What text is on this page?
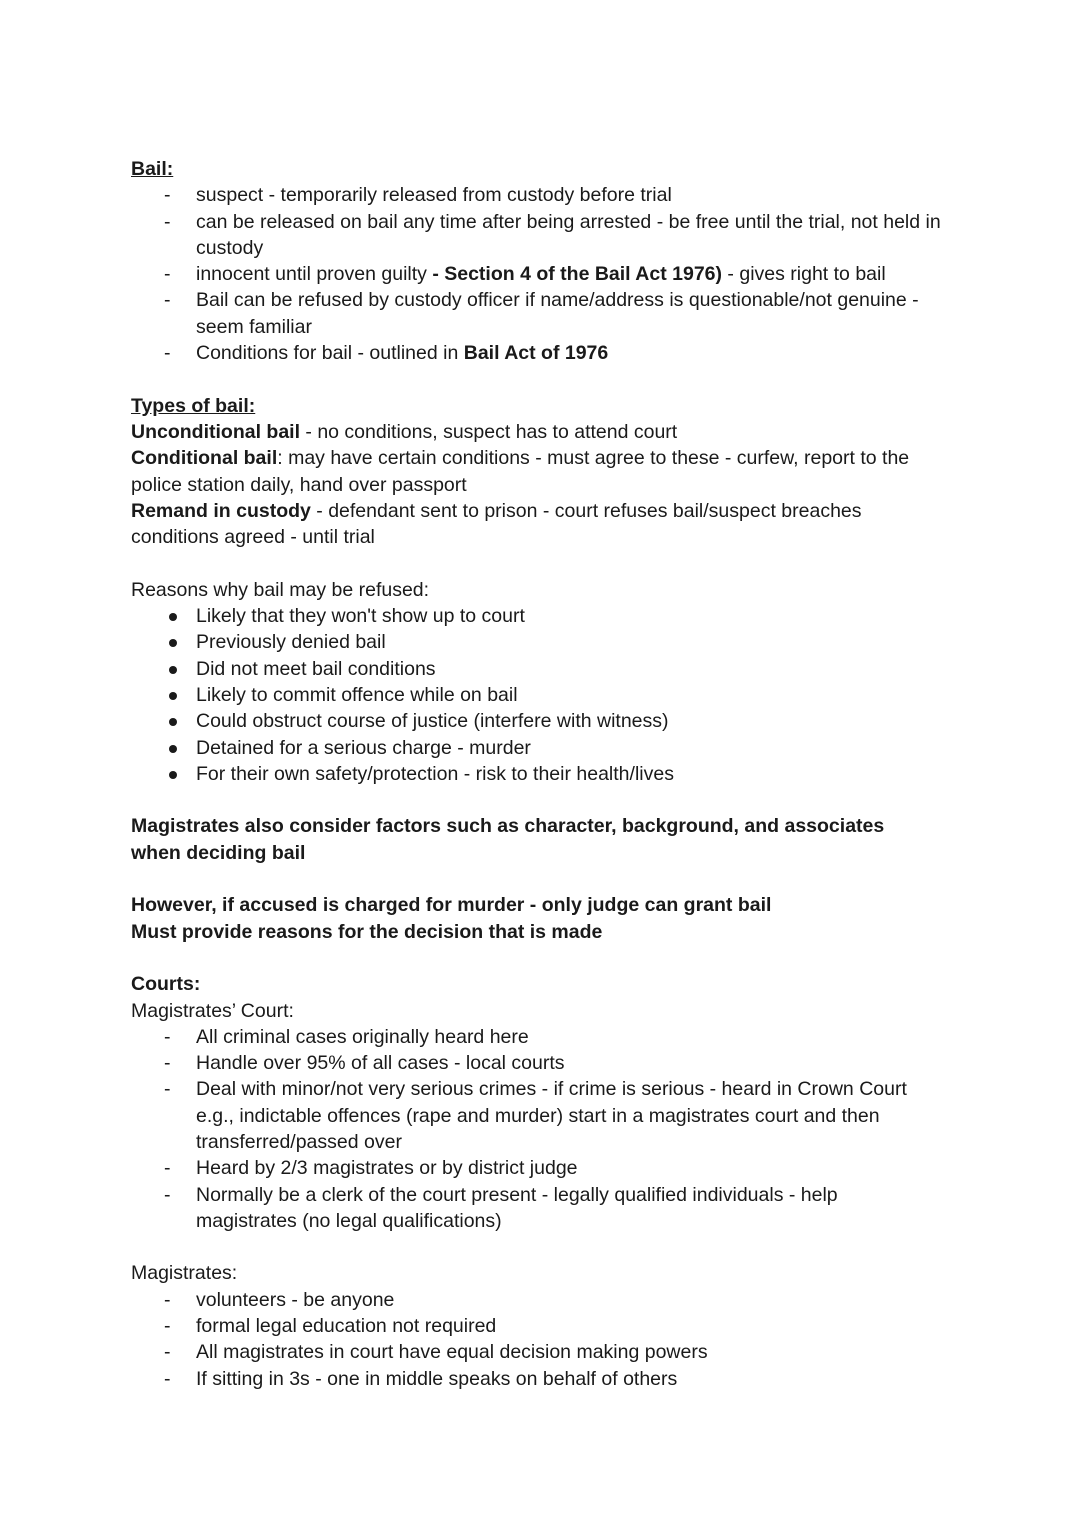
Bail:
-
suspect - temporarily released from custody before trial
-
can be released on bail any time after being arrested - be free until the trial, not held in custody
-
innocent until proven guilty - Section 4 of the Bail Act 1976) - gives right to bail
-
Bail can be refused by custody officer if name/address is questionable/not genuine - seem familiar
-
Conditions for bail - outlined in Bail Act of 1976
Types of bail:
Unconditional bail - no conditions, suspect has to attend court
Conditional bail: may have certain conditions - must agree to these - curfew, report to the police station daily, hand over passport
Remand in custody - defendant sent to prison - court refuses bail/suspect breaches conditions agreed - until trial
Reasons why bail may be refused:
Likely that they won't show up to court
Previously denied bail
Did not meet bail conditions
Likely to commit offence while on bail
Could obstruct course of justice (interfere with witness)
Detained for a serious charge - murder
For their own safety/protection - risk to their health/lives
Magistrates also consider factors such as character, background, and associates when deciding bail
However, if accused is charged for murder - only judge can grant bail
Must provide reasons for the decision that is made
Courts:
Magistrates’ Court:
-
All criminal cases originally heard here
-
Handle over 95% of all cases - local courts
-
Deal with minor/not very serious crimes - if crime is serious - heard in Crown Court e.g., indictable offences (rape and murder) start in a magistrates court and then transferred/passed over
-
Heard by 2/3 magistrates or by district judge
-
Normally be a clerk of the court present - legally qualified individuals - help magistrates (no legal qualifications)
Magistrates:
-
volunteers - be anyone
-
formal legal education not required
-
All magistrates in court have equal decision making powers
-
If sitting in 3s - one in middle speaks on behalf of others
